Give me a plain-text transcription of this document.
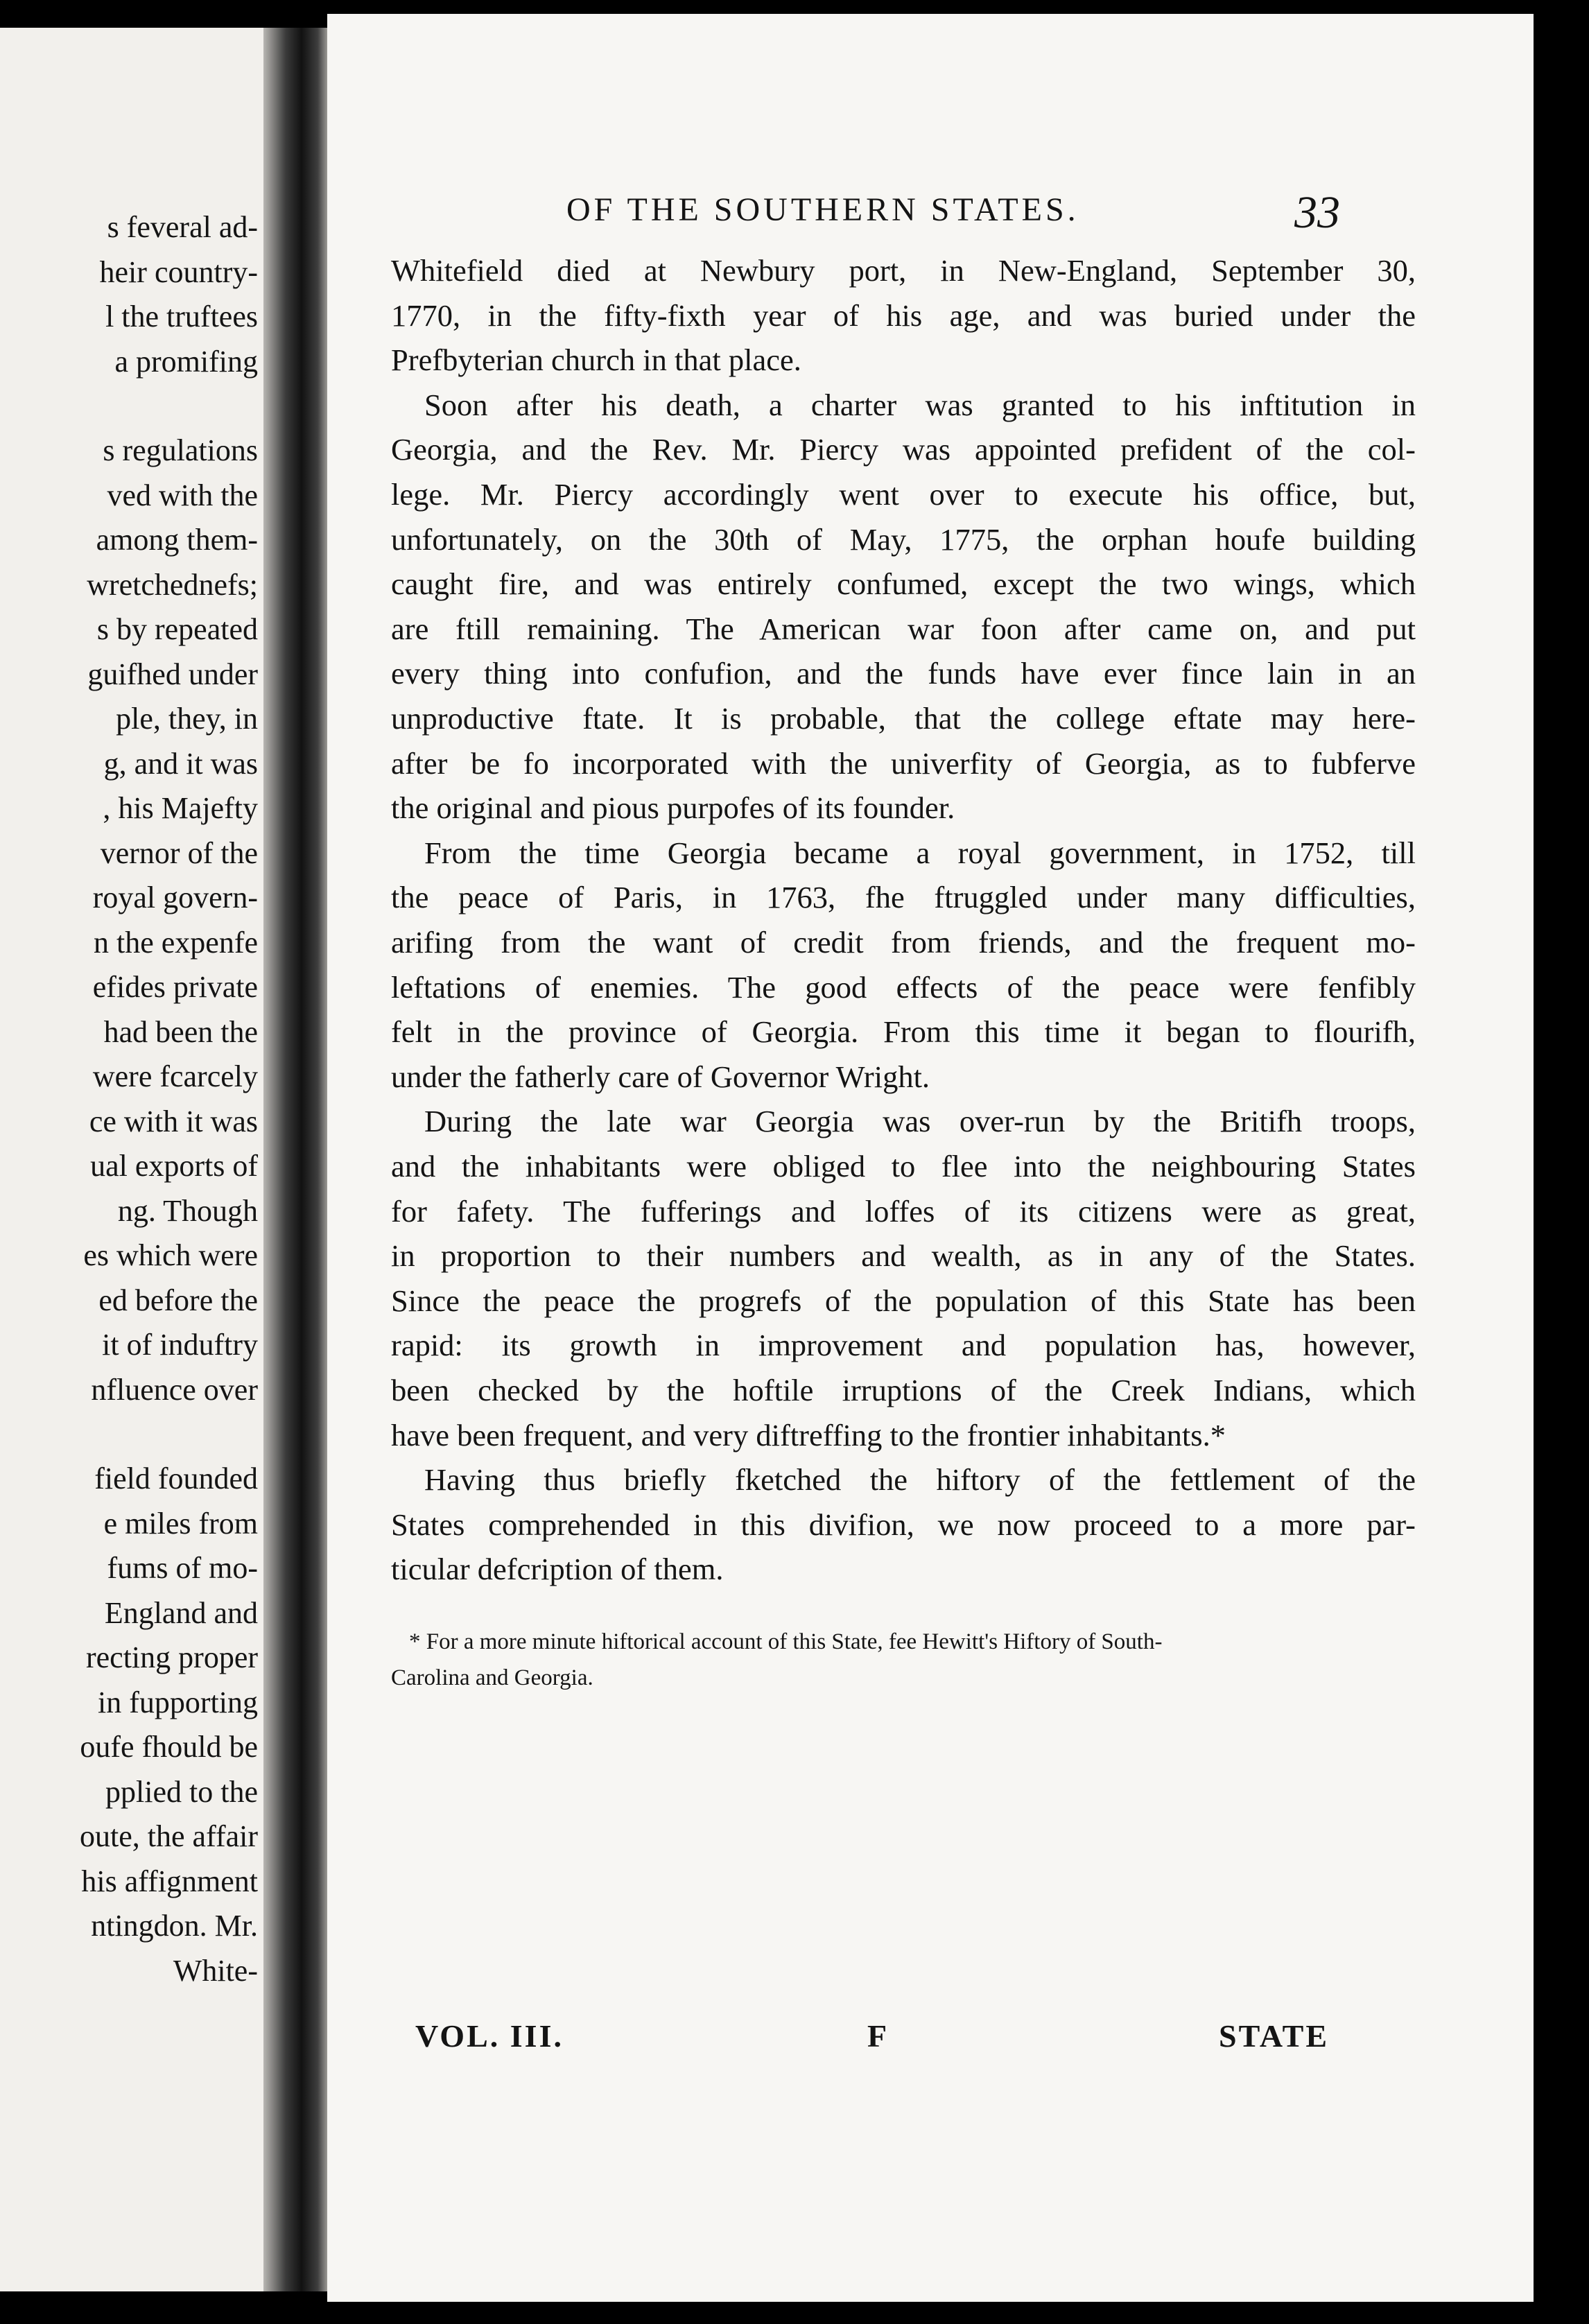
s feveral ad-
heir country-
l the truftees
a promifing
s regulations
ved with the
among them-
wretchednefs;
s by repeated
guifhed under
ple, they, in
g, and it was
, his Majefty
vernor of the
royal govern-
n the expenfe
efides private
had been the
were fcarcely
ce with it was
ual exports of
ng. Though
es which were
ed before the
it of induftry
nfluence over
field founded
e miles from
fums of mo-
England and
recting proper
in fupporting
oufe fhould be
pplied to the
oute, the affair
his affignment
ntingdon. Mr.
White-
OF THE SOUTHERN STATES.	33
Whitefield died at Newbury port, in New-England, September 30,
1770, in the fifty-fixth year of his age, and was buried under the
Prefbyterian church in that place.
Soon after his death, a charter was granted to his inftitution in
Georgia, and the Rev. Mr. Piercy was appointed prefident of the col-
lege. Mr. Piercy accordingly went over to execute his office, but,
unfortunately, on the 30th of May, 1775, the orphan houfe building
caught fire, and was entirely confumed, except the two wings, which
are ftill remaining. The American war foon after came on, and put
every thing into confufion, and the funds have ever fince lain in an
unproductive ftate. It is probable, that the college eftate may here-
after be fo incorporated with the univerfity of Georgia, as to fubferve
the original and pious purpofes of its founder.
From the time Georgia became a royal government, in 1752, till
the peace of Paris, in 1763, fhe ftruggled under many difficulties,
arifing from the want of credit from friends, and the frequent mo-
leftations of enemies. The good effects of the peace were fenfibly
felt in the province of Georgia. From this time it began to flourifh,
under the fatherly care of Governor Wright.
During the late war Georgia was over-run by the Britifh troops,
and the inhabitants were obliged to flee into the neighbouring States
for fafety. The fufferings and loffes of its citizens were as great,
in proportion to their numbers and wealth, as in any of the States.
Since the peace the progrefs of the population of this State has been
rapid: its growth in improvement and population has, however,
been checked by the hoftile irruptions of the Creek Indians, which
have been frequent, and very diftreffing to the frontier inhabitants.*
Having thus briefly fketched the hiftory of the fettlement of the
States comprehended in this divifion, we now proceed to a more par-
ticular defcription of them.
* For a more minute hiftorical account of this State, fee Hewitt's Hiftory of South-
Carolina and Georgia.
VOL. III.	F	STATE
